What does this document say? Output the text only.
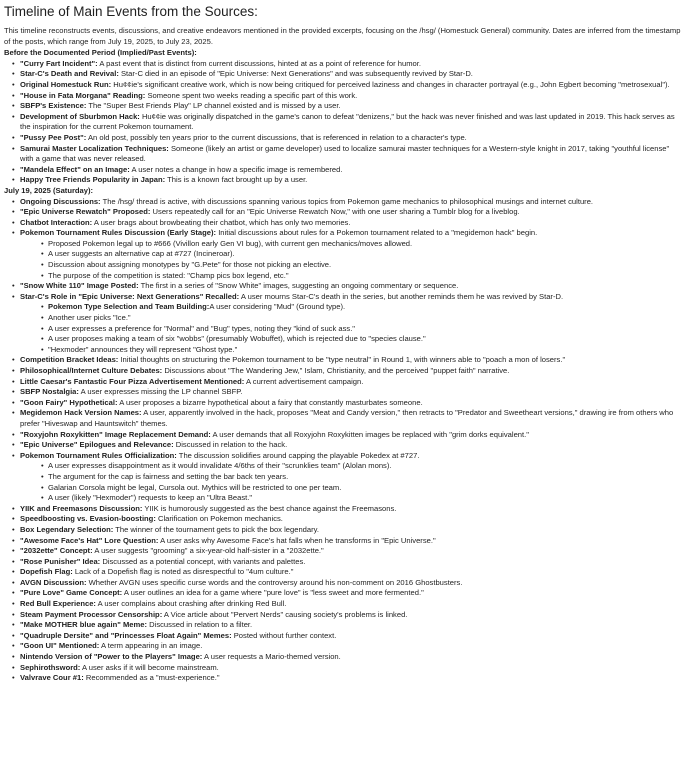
Timeline of Main Events from the Sources:

This timeline reconstructs events, discussions, and creative endeavors mentioned in the provided excerpts, focusing on the /hsg/ (Homestuck General) community. Dates are inferred from the timestamp of the posts, which range from July 19, 2025, to July 23, 2025.

Before the Documented Period (Implied/Past Events):

• "Curry Fart Incident": A past event that is distinct from current discussions, hinted at as a point of reference for humor.
• Star-C's Death and Revival: Star-C died in an episode of "Epic Universe: Next Generations" and was subsequently revived by Star-D.
• Original Homestuck Run: Hu¢¢ie's significant creative work, which is now being critiqued for perceived laziness and changes in character portrayal (e.g., John Egbert becoming "metrosexual").
• "House in Fata Morgana" Reading: Someone spent two weeks reading a specific part of this work.
• SBFP's Existence: The "Super Best Friends Play" LP channel existed and is missed by a user.
• Development of Sburbmon Hack: Hu¢¢ie was originally dispatched in the game's canon to defeat "denizens," but the hack was never finished and was last updated in 2019. This hack serves as the inspiration for the current Pokemon tournament.
• "Pussy Pee Post": An old post, possibly ten years prior to the current discussions, that is referenced in relation to a character's type.
• Samurai Master Localization Techniques: Someone (likely an artist or game developer) used to localize samurai master techniques for a Western-style knight in 2017, taking "youthful license" with a game that was never released.
• "Mandela Effect" on an Image: A user notes a change in how a specific image is remembered.
• Happy Tree Friends Popularity in Japan: This is a known fact brought up by a user.

July 19, 2025 (Saturday):

• Ongoing Discussions: The /hsg/ thread is active, with discussions spanning various topics from Pokemon game mechanics to philosophical musings and internet culture.
• "Epic Universe Rewatch" Proposed: Users repeatedly call for an "Epic Universe Rewatch Now," with one user sharing a Tumblr blog for a liveblog.
• Chatbot Interaction: A user brags about browbeating their chatbot, which has only two memories.
• Pokemon Tournament Rules Discussion (Early Stage): Initial discussions about rules for a Pokemon tournament related to a "megidemon hack" begin.
• Proposed Pokemon legal up to #666 (Vivillon early Gen VI bug), with current gen mechanics/moves allowed.
• A user suggests an alternative cap at #727 (Incineroar).
• Discussion about assigning monotypes by "G.Pete" for those not picking an elective.
• The purpose of the competition is stated: "Champ pics box legend, etc."
• "Snow White 110" Image Posted: The first in a series of "Snow White" images, suggesting an ongoing commentary or sequence.
• Star-C's Role in "Epic Universe: Next Generations" Recalled: A user mourns Star-C's death in the series, but another reminds them he was revived by Star-D.
• Pokemon Type Selection and Team Building:A user considering "Mud" (Ground type).
• Another user picks "Ice."
• A user expresses a preference for "Normal" and "Bug" types, noting they "kind of suck ass."
• A user proposes making a team of six "wobbs" (presumably Wobuffet), which is rejected due to "species clause."
• "Hexmoder" announces they will represent "Ghost type."
• Competition Bracket Ideas: Initial thoughts on structuring the Pokemon tournament to be "type neutral" in Round 1, with winners able to "poach a mon of losers."
• Philosophical/Internet Culture Debates: Discussions about "The Wandering Jew," Islam, Christianity, and the perceived "puppet faith" narrative.
• Little Caesar's Fantastic Four Pizza Advertisement Mentioned: A current advertisement campaign.
• SBFP Nostalgia: A user expresses missing the LP channel SBFP.
• "Goon Fairy" Hypothetical: A user proposes a bizarre hypothetical about a fairy that constantly masturbates someone.
• Megidemon Hack Version Names: A user, apparently involved in the hack, proposes "Meat and Candy version," then retracts to "Predator and Sweetheart versions," drawing ire from others who prefer "Hiveswap and Hauntswitch" themes.
• "Roxyjohn Roxykitten" Image Replacement Demand: A user demands that all Roxyjohn Roxykitten images be replaced with "grim dorks equivalent."
• "Epic Universe" Epilogues and Relevance: Discussed in relation to the hack.
• Pokemon Tournament Rules Officialization: The discussion solidifies around capping the playable Pokedex at #727.
• A user expresses disappointment as it would invalidate 4/6ths of their "scrunklies team" (Alolan mons).
• The argument for the cap is fairness and setting the bar back ten years.
• Galarian Corsola might be legal, Cursola out. Mythics will be restricted to one per team.
• A user (likely "Hexmoder") requests to keep an "Ultra Beast."
• YIIK and Freemasons Discussion: YIIK is humorously suggested as the best chance against the Freemasons.
• Speedboosting vs. Evasion-boosting: Clarification on Pokemon mechanics.
• Box Legendary Selection: The winner of the tournament gets to pick the box legendary.
• "Awesome Face's Hat" Lore Question: A user asks why Awesome Face's hat falls when he transforms in "Epic Universe."
• "2032ette" Concept: A user suggests "grooming" a six-year-old half-sister in a "2032ette."
• "Rose Punisher" Idea: Discussed as a potential concept, with variants and palettes.
• Dopefish Flag: Lack of a Dopefish flag is noted as disrespectful to "4um culture."
• AVGN Discussion: Whether AVGN uses specific curse words and the controversy around his non-comment on 2016 Ghostbusters.
• "Pure Love" Game Concept: A user outlines an idea for a game where "pure love" is "less sweet and more fermented."
• Red Bull Experience: A user complains about crashing after drinking Red Bull.
• Steam Payment Processor Censorship: A Vice article about "Pervert Nerds" causing society's problems is linked.
• "Make MOTHER blue again" Meme: Discussed in relation to a filter.
• "Quadruple Dersite" and "Princesses Float Again" Memes: Posted without further context.
• "Goon UI" Mentioned: A term appearing in an image.
• Nintendo Version of "Power to the Players" Image: A user requests a Mario-themed version.
• Sephirothsword: A user asks if it will become mainstream.
• Valvrave Cour #1: Recommended as a "must-experience."
